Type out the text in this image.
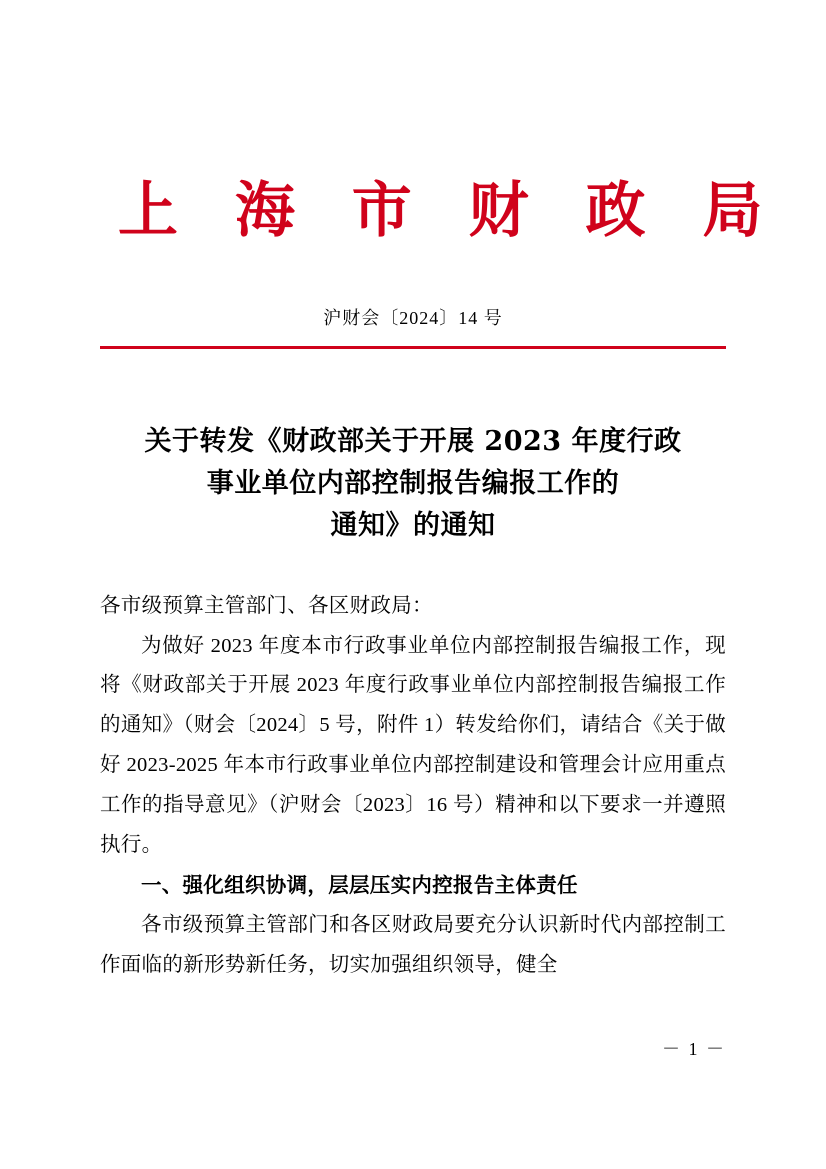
上 海 市 财 政 局
沪财会〔2024〕14 号
关于转发《财政部关于开展 2023 年度行政
事业单位内部控制报告编报工作的
通知》的通知

各市级预算主管部门、各区财政局：

为做好 2023 年度本市行政事业单位内部控制报告编报工作，现将《财政部关于开展 2023 年度行政事业单位内部控制报告编报工作的通知》（财会〔2024〕5 号，附件 1）转发给你们，请结合《关于做好 2023-2025 年本市行政事业单位内部控制建设和管理会计应用重点工作的指导意见》（沪财会〔2023〕16 号）精神和以下要求一并遵照执行。

一、强化组织协调，层层压实内控报告主体责任

各市级预算主管部门和各区财政局要充分认识新时代内部控制工作面临的新形势新任务，切实加强组织领导，健全

－ 1 －
